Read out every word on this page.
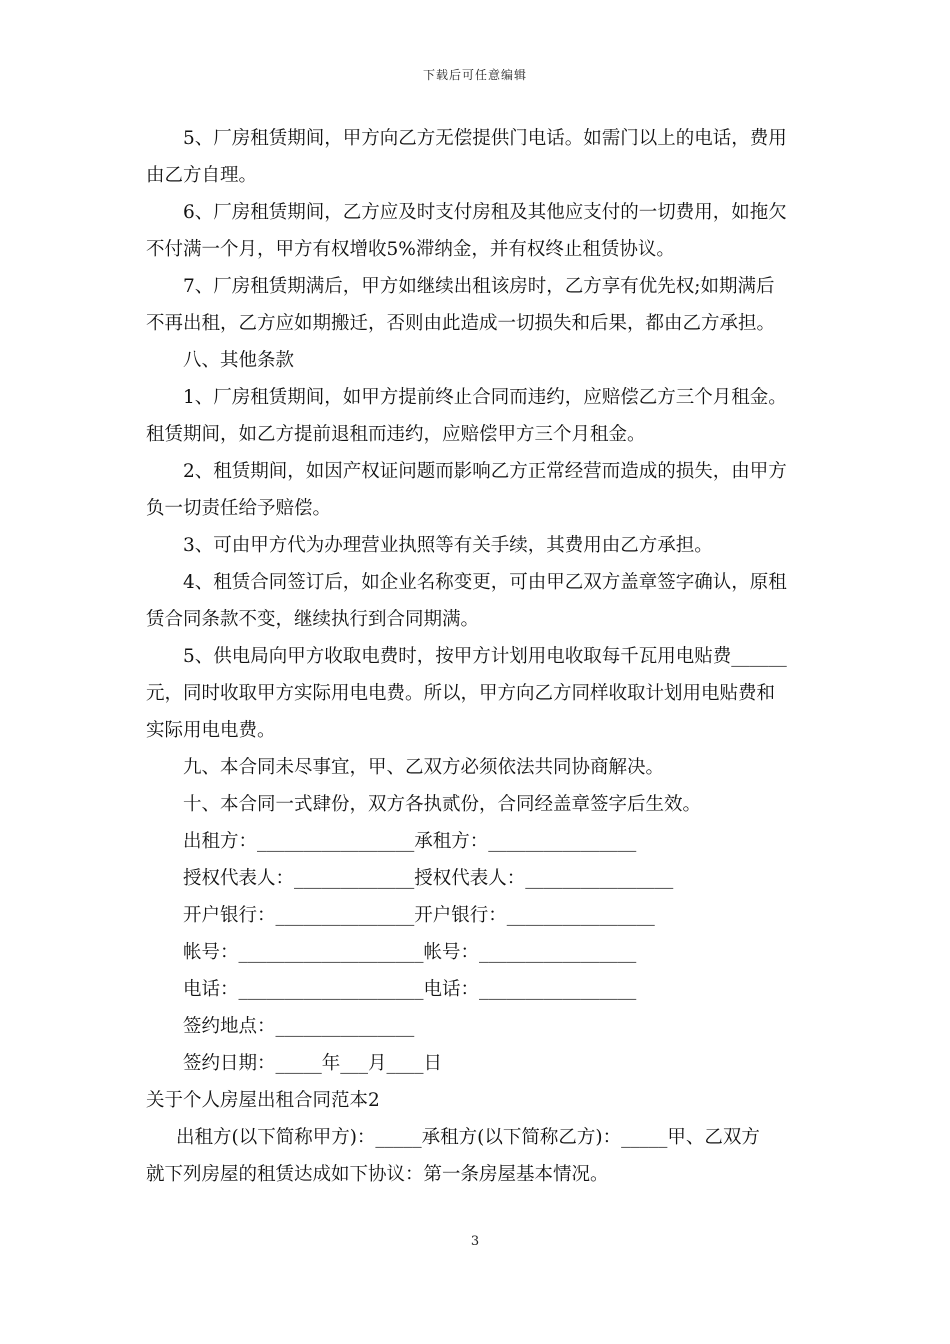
下载后可任意编辑

5、厂房租赁期间，甲方向乙方无偿提供门电话。如需门以上的电话，费用
由乙方自理。

6、厂房租赁期间，乙方应及时支付房租及其他应支付的一切费用，如拖欠
不付满一个月，甲方有权增收5%滞纳金，并有权终止租赁协议。

7、厂房租赁期满后，甲方如继续出租该房时，乙方享有优先权;如期满后
不再出租，乙方应如期搬迁，否则由此造成一切损失和后果，都由乙方承担。

八、其他条款

1、厂房租赁期间，如甲方提前终止合同而违约，应赔偿乙方三个月租金。
租赁期间，如乙方提前退租而违约，应赔偿甲方三个月租金。

2、租赁期间，如因产权证问题而影响乙方正常经营而造成的损失，由甲方
负一切责任给予赔偿。

3、可由甲方代为办理营业执照等有关手续，其费用由乙方承担。

4、租赁合同签订后，如企业名称变更，可由甲乙双方盖章签字确认，原租
赁合同条款不变，继续执行到合同期满。

5、供电局向甲方收取电费时，按甲方计划用电收取每千瓦用电贴费______
元，同时收取甲方实际用电电费。所以，甲方向乙方同样收取计划用电贴费和
实际用电电费。

九、本合同未尽事宜，甲、乙双方必须依法共同协商解决。

十、本合同一式肆份，双方各执贰份，合同经盖章签字后生效。

出租方：_________________承租方：________________

授权代表人：_____________授权代表人：________________

开户银行：_______________开户银行：________________

帐号：____________________帐号：_________________

电话：____________________电话：_________________

签约地点：_______________

签约日期：_____年___月____日

关于个人房屋出租合同范本2

出租方(以下简称甲方)：_____承租方(以下简称乙方)：_____甲、乙双方
就下列房屋的租赁达成如下协议：第一条房屋基本情况。

3
